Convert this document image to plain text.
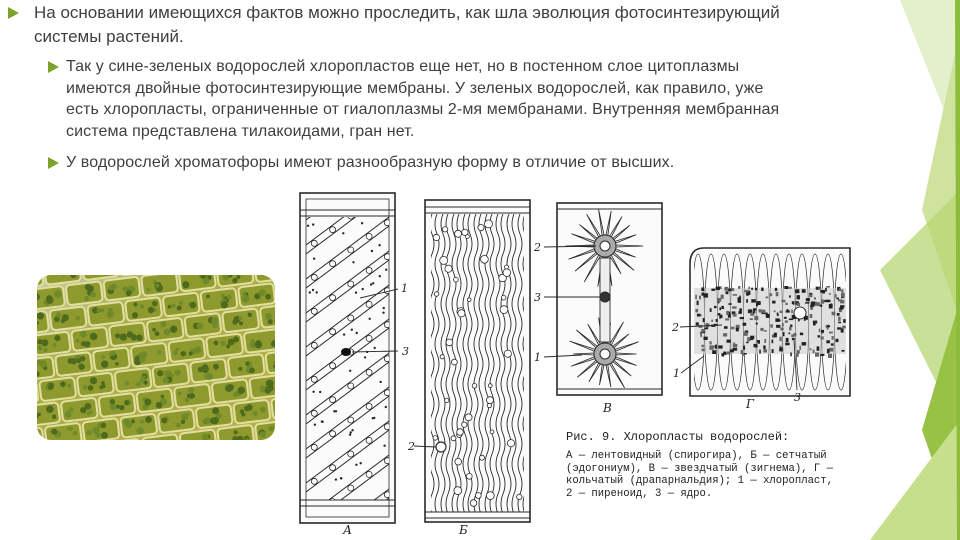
На основании имеющихся фактов можно проследить, как шла эволюция фотосинтезирующий
системы растений.
Так у сине-зеленых водорослей хлоропластов еще нет, но в постенном слое цитоплазмы
имеются двойные фотосинтезирующие мембраны. У зеленых водорослей, как правило, уже
есть хлоропласты, ограниченные от гиалоплазмы 2-мя мембранами. Внутренняя мембранная
система представлена тилакоидами, гран нет.
У водорослей хроматофоры имеют разнообразную форму в отличие от высших.
1
3
2
2
3
1
2
1
3
А	Б
В	Г
Рис. 9. Хлоропласты водорослей:
А — лентовидный (спирогира), Б — сетчатый
(эдогониум), В — звездчатый (зигнема), Г —
кольчатый (драпарнальдия); 1 — хлоропласт,
2 — пиреноид, 3 — ядро.
